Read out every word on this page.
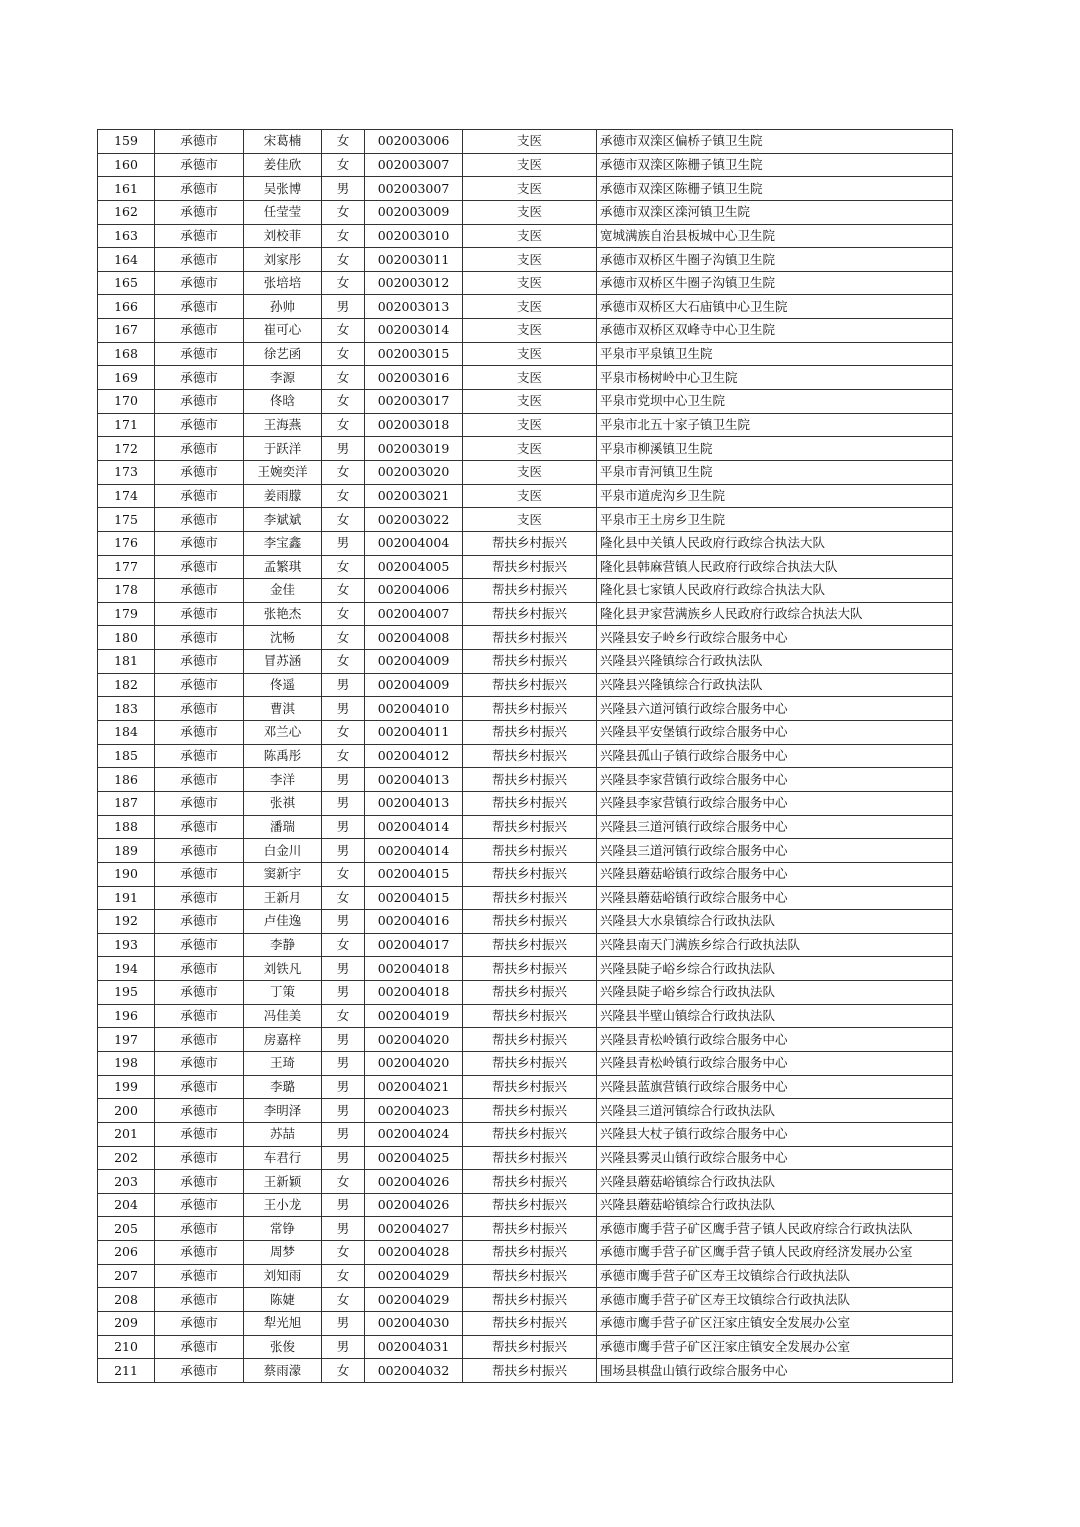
159	承德市	宋葛楠	女	002003006	支医	承德市双滦区偏桥子镇卫生院
160	承德市	姜佳欣	女	002003007	支医	承德市双滦区陈栅子镇卫生院
161	承德市	吴张博	男	002003007	支医	承德市双滦区陈栅子镇卫生院
162	承德市	任莹莹	女	002003009	支医	承德市双滦区滦河镇卫生院
163	承德市	刘校菲	女	002003010	支医	宽城满族自治县板城中心卫生院
164	承德市	刘家彤	女	002003011	支医	承德市双桥区牛圈子沟镇卫生院
165	承德市	张培培	女	002003012	支医	承德市双桥区牛圈子沟镇卫生院
166	承德市	孙帅	男	002003013	支医	承德市双桥区大石庙镇中心卫生院
167	承德市	崔可心	女	002003014	支医	承德市双桥区双峰寺中心卫生院
168	承德市	徐艺函	女	002003015	支医	平泉市平泉镇卫生院
169	承德市	李源	女	002003016	支医	平泉市杨树岭中心卫生院
170	承德市	佟晗	女	002003017	支医	平泉市党坝中心卫生院
171	承德市	王海燕	女	002003018	支医	平泉市北五十家子镇卫生院
172	承德市	于跃洋	男	002003019	支医	平泉市柳溪镇卫生院
173	承德市	王婉奕洋	女	002003020	支医	平泉市青河镇卫生院
174	承德市	姜雨朦	女	002003021	支医	平泉市道虎沟乡卫生院
175	承德市	李斌斌	女	002003022	支医	平泉市王土房乡卫生院
176	承德市	李宝鑫	男	002004004	帮扶乡村振兴	隆化县中关镇人民政府行政综合执法大队
177	承德市	孟繁琪	女	002004005	帮扶乡村振兴	隆化县韩麻营镇人民政府行政综合执法大队
178	承德市	金佳	女	002004006	帮扶乡村振兴	隆化县七家镇人民政府行政综合执法大队
179	承德市	张艳杰	女	002004007	帮扶乡村振兴	隆化县尹家营满族乡人民政府行政综合执法大队
180	承德市	沈畅	女	002004008	帮扶乡村振兴	兴隆县安子岭乡行政综合服务中心
181	承德市	冒苏涵	女	002004009	帮扶乡村振兴	兴隆县兴隆镇综合行政执法队
182	承德市	佟遥	男	002004009	帮扶乡村振兴	兴隆县兴隆镇综合行政执法队
183	承德市	曹淇	男	002004010	帮扶乡村振兴	兴隆县六道河镇行政综合服务中心
184	承德市	邓兰心	女	002004011	帮扶乡村振兴	兴隆县平安堡镇行政综合服务中心
185	承德市	陈禹彤	女	002004012	帮扶乡村振兴	兴隆县孤山子镇行政综合服务中心
186	承德市	李洋	男	002004013	帮扶乡村振兴	兴隆县李家营镇行政综合服务中心
187	承德市	张祺	男	002004013	帮扶乡村振兴	兴隆县李家营镇行政综合服务中心
188	承德市	潘瑞	男	002004014	帮扶乡村振兴	兴隆县三道河镇行政综合服务中心
189	承德市	白金川	男	002004014	帮扶乡村振兴	兴隆县三道河镇行政综合服务中心
190	承德市	窦新宇	女	002004015	帮扶乡村振兴	兴隆县蘑菇峪镇行政综合服务中心
191	承德市	王新月	女	002004015	帮扶乡村振兴	兴隆县蘑菇峪镇行政综合服务中心
192	承德市	卢佳逸	男	002004016	帮扶乡村振兴	兴隆县大水泉镇综合行政执法队
193	承德市	李静	女	002004017	帮扶乡村振兴	兴隆县南天门满族乡综合行政执法队
194	承德市	刘铁凡	男	002004018	帮扶乡村振兴	兴隆县陡子峪乡综合行政执法队
195	承德市	丁策	男	002004018	帮扶乡村振兴	兴隆县陡子峪乡综合行政执法队
196	承德市	冯佳美	女	002004019	帮扶乡村振兴	兴隆县半壁山镇综合行政执法队
197	承德市	房嘉梓	男	002004020	帮扶乡村振兴	兴隆县青松岭镇行政综合服务中心
198	承德市	王琦	男	002004020	帮扶乡村振兴	兴隆县青松岭镇行政综合服务中心
199	承德市	李璐	男	002004021	帮扶乡村振兴	兴隆县蓝旗营镇行政综合服务中心
200	承德市	李明泽	男	002004023	帮扶乡村振兴	兴隆县三道河镇综合行政执法队
201	承德市	苏喆	男	002004024	帮扶乡村振兴	兴隆县大杖子镇行政综合服务中心
202	承德市	车君行	男	002004025	帮扶乡村振兴	兴隆县雾灵山镇行政综合服务中心
203	承德市	王新颖	女	002004026	帮扶乡村振兴	兴隆县蘑菇峪镇综合行政执法队
204	承德市	王小龙	男	002004026	帮扶乡村振兴	兴隆县蘑菇峪镇综合行政执法队
205	承德市	常铮	男	002004027	帮扶乡村振兴	承德市鹰手营子矿区鹰手营子镇人民政府综合行政执法队
206	承德市	周梦	女	002004028	帮扶乡村振兴	承德市鹰手营子矿区鹰手营子镇人民政府经济发展办公室
207	承德市	刘知雨	女	002004029	帮扶乡村振兴	承德市鹰手营子矿区寿王坟镇综合行政执法队
208	承德市	陈婕	女	002004029	帮扶乡村振兴	承德市鹰手营子矿区寿王坟镇综合行政执法队
209	承德市	犁光旭	男	002004030	帮扶乡村振兴	承德市鹰手营子矿区汪家庄镇安全发展办公室
210	承德市	张俊	男	002004031	帮扶乡村振兴	承德市鹰手营子矿区汪家庄镇安全发展办公室
211	承德市	蔡雨濛	女	002004032	帮扶乡村振兴	围场县棋盘山镇行政综合服务中心
